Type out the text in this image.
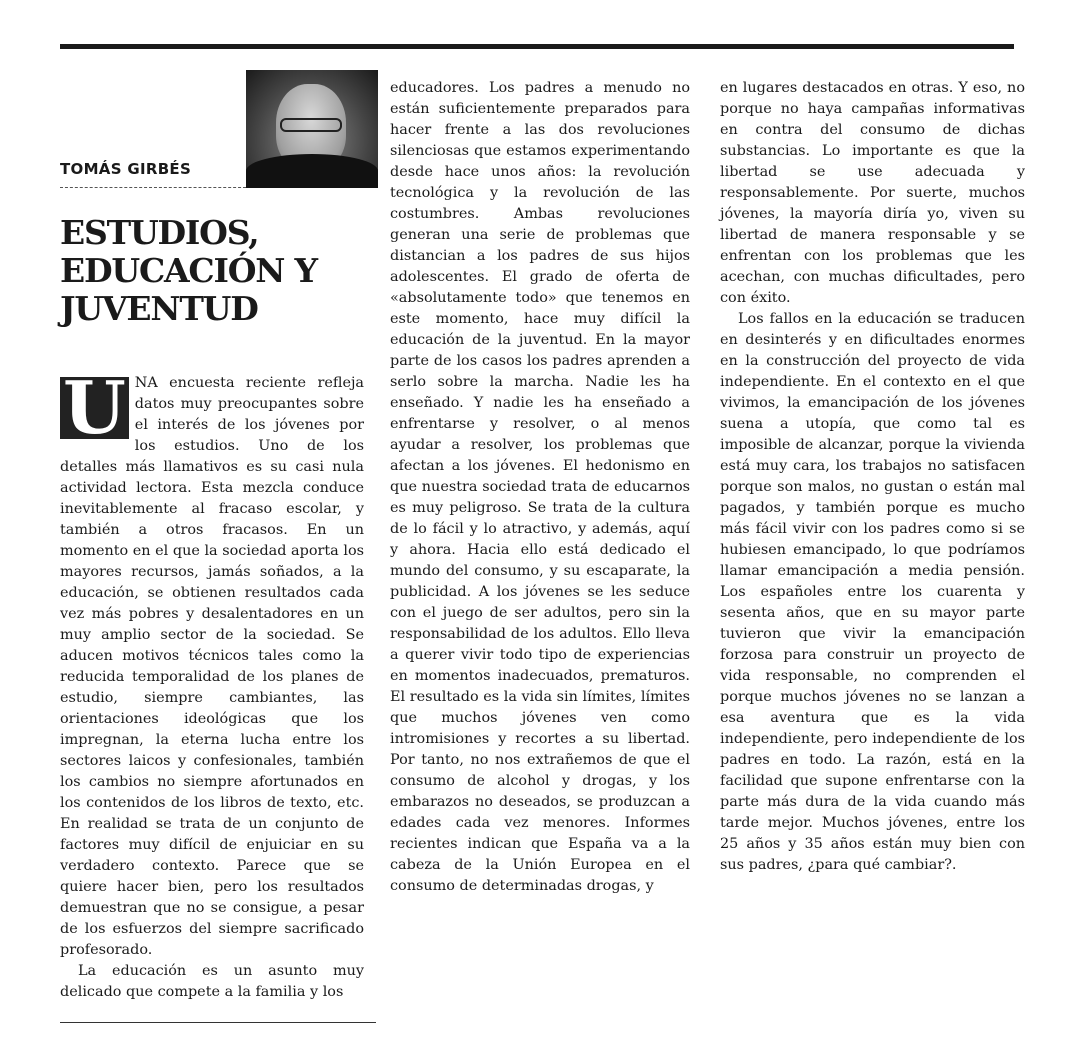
TOMÁS GIRBÉS
ESTUDIOS, EDUCACIÓN Y JUVENTUD

U NA encuesta reciente refleja datos muy preocupantes sobre el interés de los jóvenes por los estudios. Uno de los detalles más llamativos es su casi nula actividad lectora. Esta mezcla conduce inevitablemente al fracaso escolar, y también a otros fracasos. En un momento en el que la sociedad aporta los mayores recursos, jamás soñados, a la educación, se obtienen resultados cada vez más pobres y desalentadores en un muy amplio sector de la sociedad. Se aducen motivos técnicos tales como la reducida temporalidad de los planes de estudio, siempre cambiantes, las orientaciones ideológicas que los impregnan, la eterna lucha entre los sectores laicos y confesionales, también los cambios no siempre afortunados en los contenidos de los libros de texto, etc. En realidad se trata de un conjunto de factores muy difícil de enjuiciar en su verdadero contexto. Parece que se quiere hacer bien, pero los resultados demuestran que no se consigue, a pesar de los esfuerzos del siempre sacrificado profesorado.

La educación es un asunto muy delicado que compete a la familia y los

educadores. Los padres a menudo no están suficientemente preparados para hacer frente a las dos revoluciones silenciosas que estamos experimentando desde hace unos años: la revolución tecnológica y la revolución de las costumbres. Ambas revoluciones generan una serie de problemas que distancian a los padres de sus hijos adolescentes. El grado de oferta de «absolutamente todo» que tenemos en este momento, hace muy difícil la educación de la juventud. En la mayor parte de los casos los padres aprenden a serlo sobre la marcha. Nadie les ha enseñado. Y nadie les ha enseñado a enfrentarse y resolver, o al menos ayudar a resolver, los problemas que afectan a los jóvenes. El hedonismo en que nuestra sociedad trata de educarnos es muy peligroso. Se trata de la cultura de lo fácil y lo atractivo, y además, aquí y ahora. Hacia ello está dedicado el mundo del consumo, y su escaparate, la publicidad. A los jóvenes se les seduce con el juego de ser adultos, pero sin la responsabilidad de los adultos. Ello lleva a querer vivir todo tipo de experiencias en momentos inadecuados, prematuros. El resultado es la vida sin límites, límites que muchos jóvenes ven como intromisiones y recortes a su libertad. Por tanto, no nos extrañemos de que el consumo de alcohol y drogas, y los embarazos no deseados, se produzcan a edades cada vez menores. Informes recientes indican que España va a la cabeza de la Unión Europea en el consumo de determinadas drogas, y

en lugares destacados en otras. Y eso, no porque no haya campañas informativas en contra del consumo de dichas substancias. Lo importante es que la libertad se use adecuada y responsablemente. Por suerte, muchos jóvenes, la mayoría diría yo, viven su libertad de manera responsable y se enfrentan con los problemas que les acechan, con muchas dificultades, pero con éxito.

Los fallos en la educación se traducen en desinterés y en dificultades enormes en la construcción del proyecto de vida independiente. En el contexto en el que vivimos, la emancipación de los jóvenes suena a utopía, que como tal es imposible de alcanzar, porque la vivienda está muy cara, los trabajos no satisfacen porque son malos, no gustan o están mal pagados, y también porque es mucho más fácil vivir con los padres como si se hubiesen emancipado, lo que podríamos llamar emancipación a media pensión. Los españoles entre los cuarenta y sesenta años, que en su mayor parte tuvieron que vivir la emancipación forzosa para construir un proyecto de vida responsable, no comprenden el porque muchos jóvenes no se lanzan a esa aventura que es la vida independiente, pero independiente de los padres en todo. La razón, está en la facilidad que supone enfrentarse con la parte más dura de la vida cuando más tarde mejor. Muchos jóvenes, entre los 25 años y 35 años están muy bien con sus padres, ¿para qué cambiar?.
